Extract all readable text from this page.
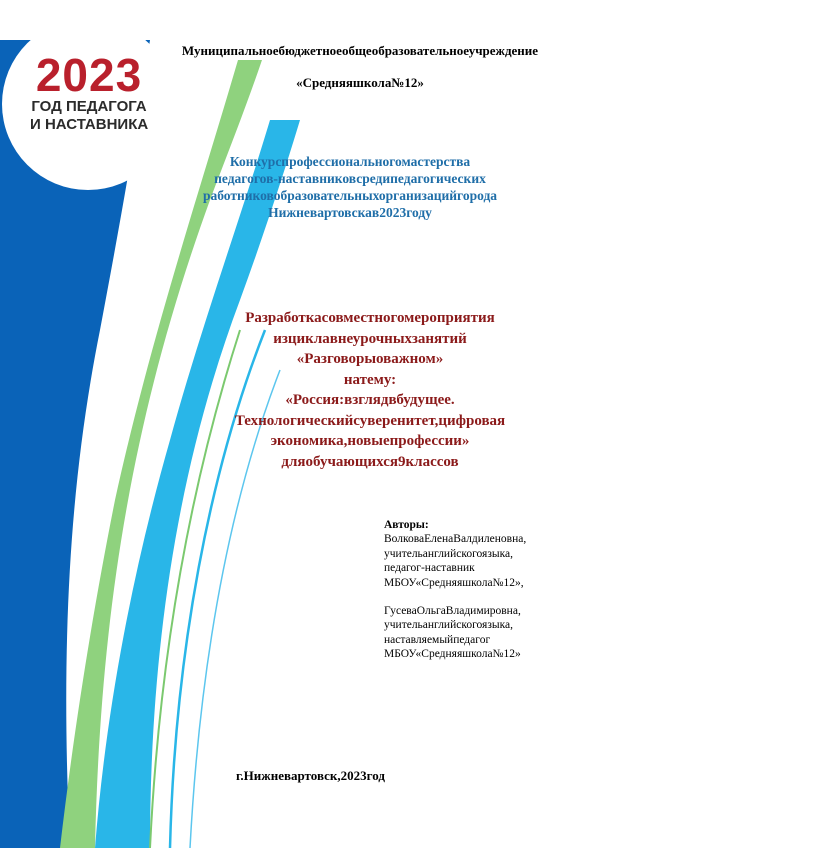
2023
ГОД ПЕДАГОГА
И НАСТАВНИКА
Муниципальноебюджетноеобщеобразовательноеучреждение
«Средняяшкола№12»
Конкурспрофессиональногомастерства
педагогов-наставниковсредипедагогических
работниковобразовательныхорганизацийгорода
Нижневартовскав2023году
Разработкасовместногомероприятия
изциклавнеурочныхзанятий
«Разговорыоважном»
натему:
«Россия:взглядвбудущее.
Технологическийсуверенитет,цифровая
экономика,новыепрофессии»
дляобучающихся9классов
Авторы:
ВолковаЕленаВалдиленовна,
учительанглийскогоязыка,
педагог-наставник
МБОУ«Средняяшкола№12»,
ГусеваОльгаВладимировна,
учительанглийскогоязыка,
наставляемыйпедагог
МБОУ«Средняяшкола№12»
г.Нижневартовск,2023год
